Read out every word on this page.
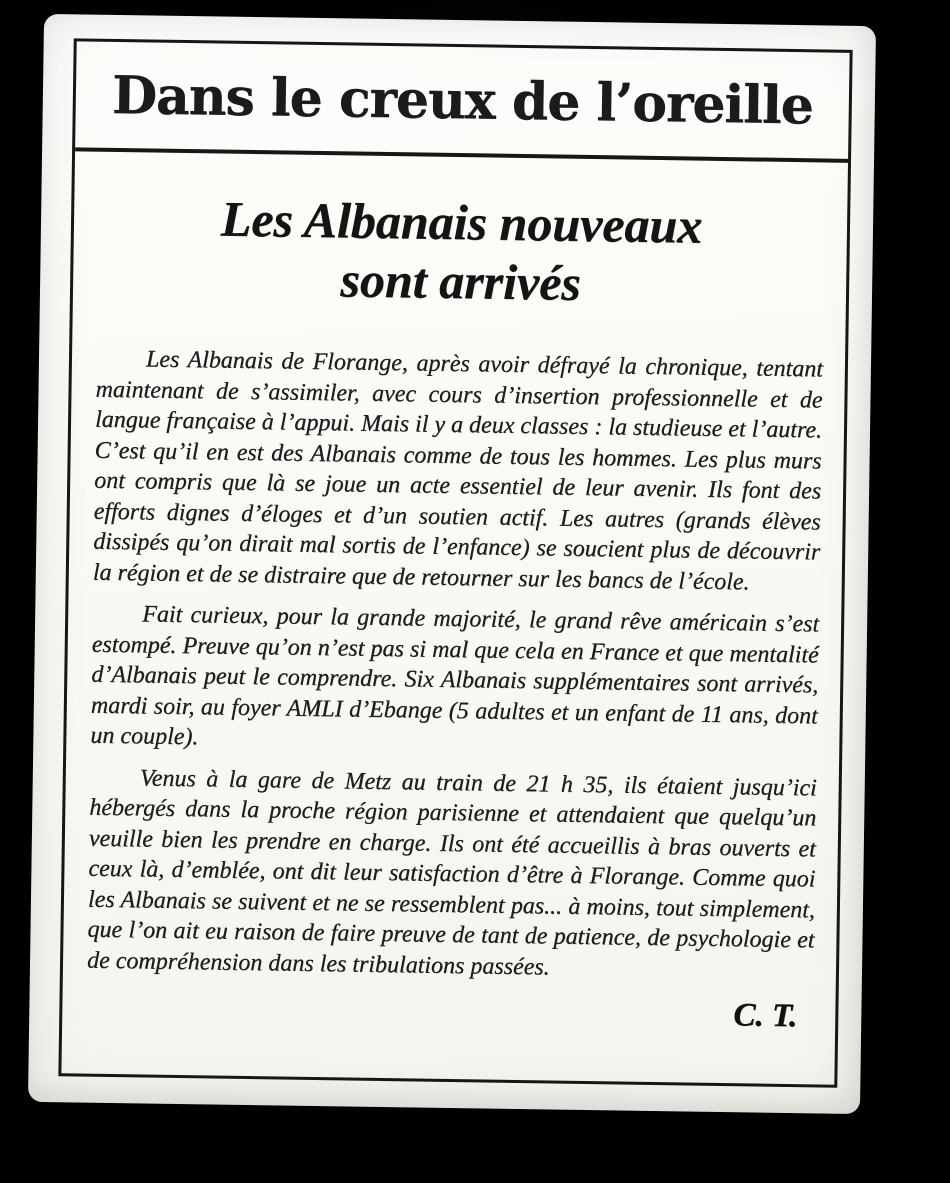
Dans le creux de l’oreille
Les Albanais nouveaux
sont arrivés

Les Albanais de Florange, après avoir défrayé la chronique, tentant maintenant de s’assimiler, avec cours d’insertion professionnelle et de langue française à l’appui. Mais il y a deux classes : la studieuse et l’autre. C’est qu’il en est des Albanais comme de tous les hommes. Les plus murs ont compris que là se joue un acte essentiel de leur avenir. Ils font des efforts dignes d’éloges et d’un soutien actif. Les autres (grands élèves dissipés qu’on dirait mal sortis de l’enfance) se soucient plus de découvrir la région et de se distraire que de retourner sur les bancs de l’école.

Fait curieux, pour la grande majorité, le grand rêve américain s’est estompé. Preuve qu’on n’est pas si mal que cela en France et que mentalité d’Albanais peut le comprendre. Six Albanais supplémentaires sont arrivés, mardi soir, au foyer AMLI d’Ebange (5 adultes et un enfant de 11 ans, dont un couple).

Venus à la gare de Metz au train de 21 h 35, ils étaient jusqu’ici hébergés dans la proche région parisienne et attendaient que quelqu’un veuille bien les prendre en charge. Ils ont été accueillis à bras ouverts et ceux là, d’emblée, ont dit leur satisfaction d’être à Florange. Comme quoi les Albanais se suivent et ne se ressemblent pas... à moins, tout simplement, que l’on ait eu raison de faire preuve de tant de patience, de psychologie et de compréhension dans les tribulations passées.

C. T.
